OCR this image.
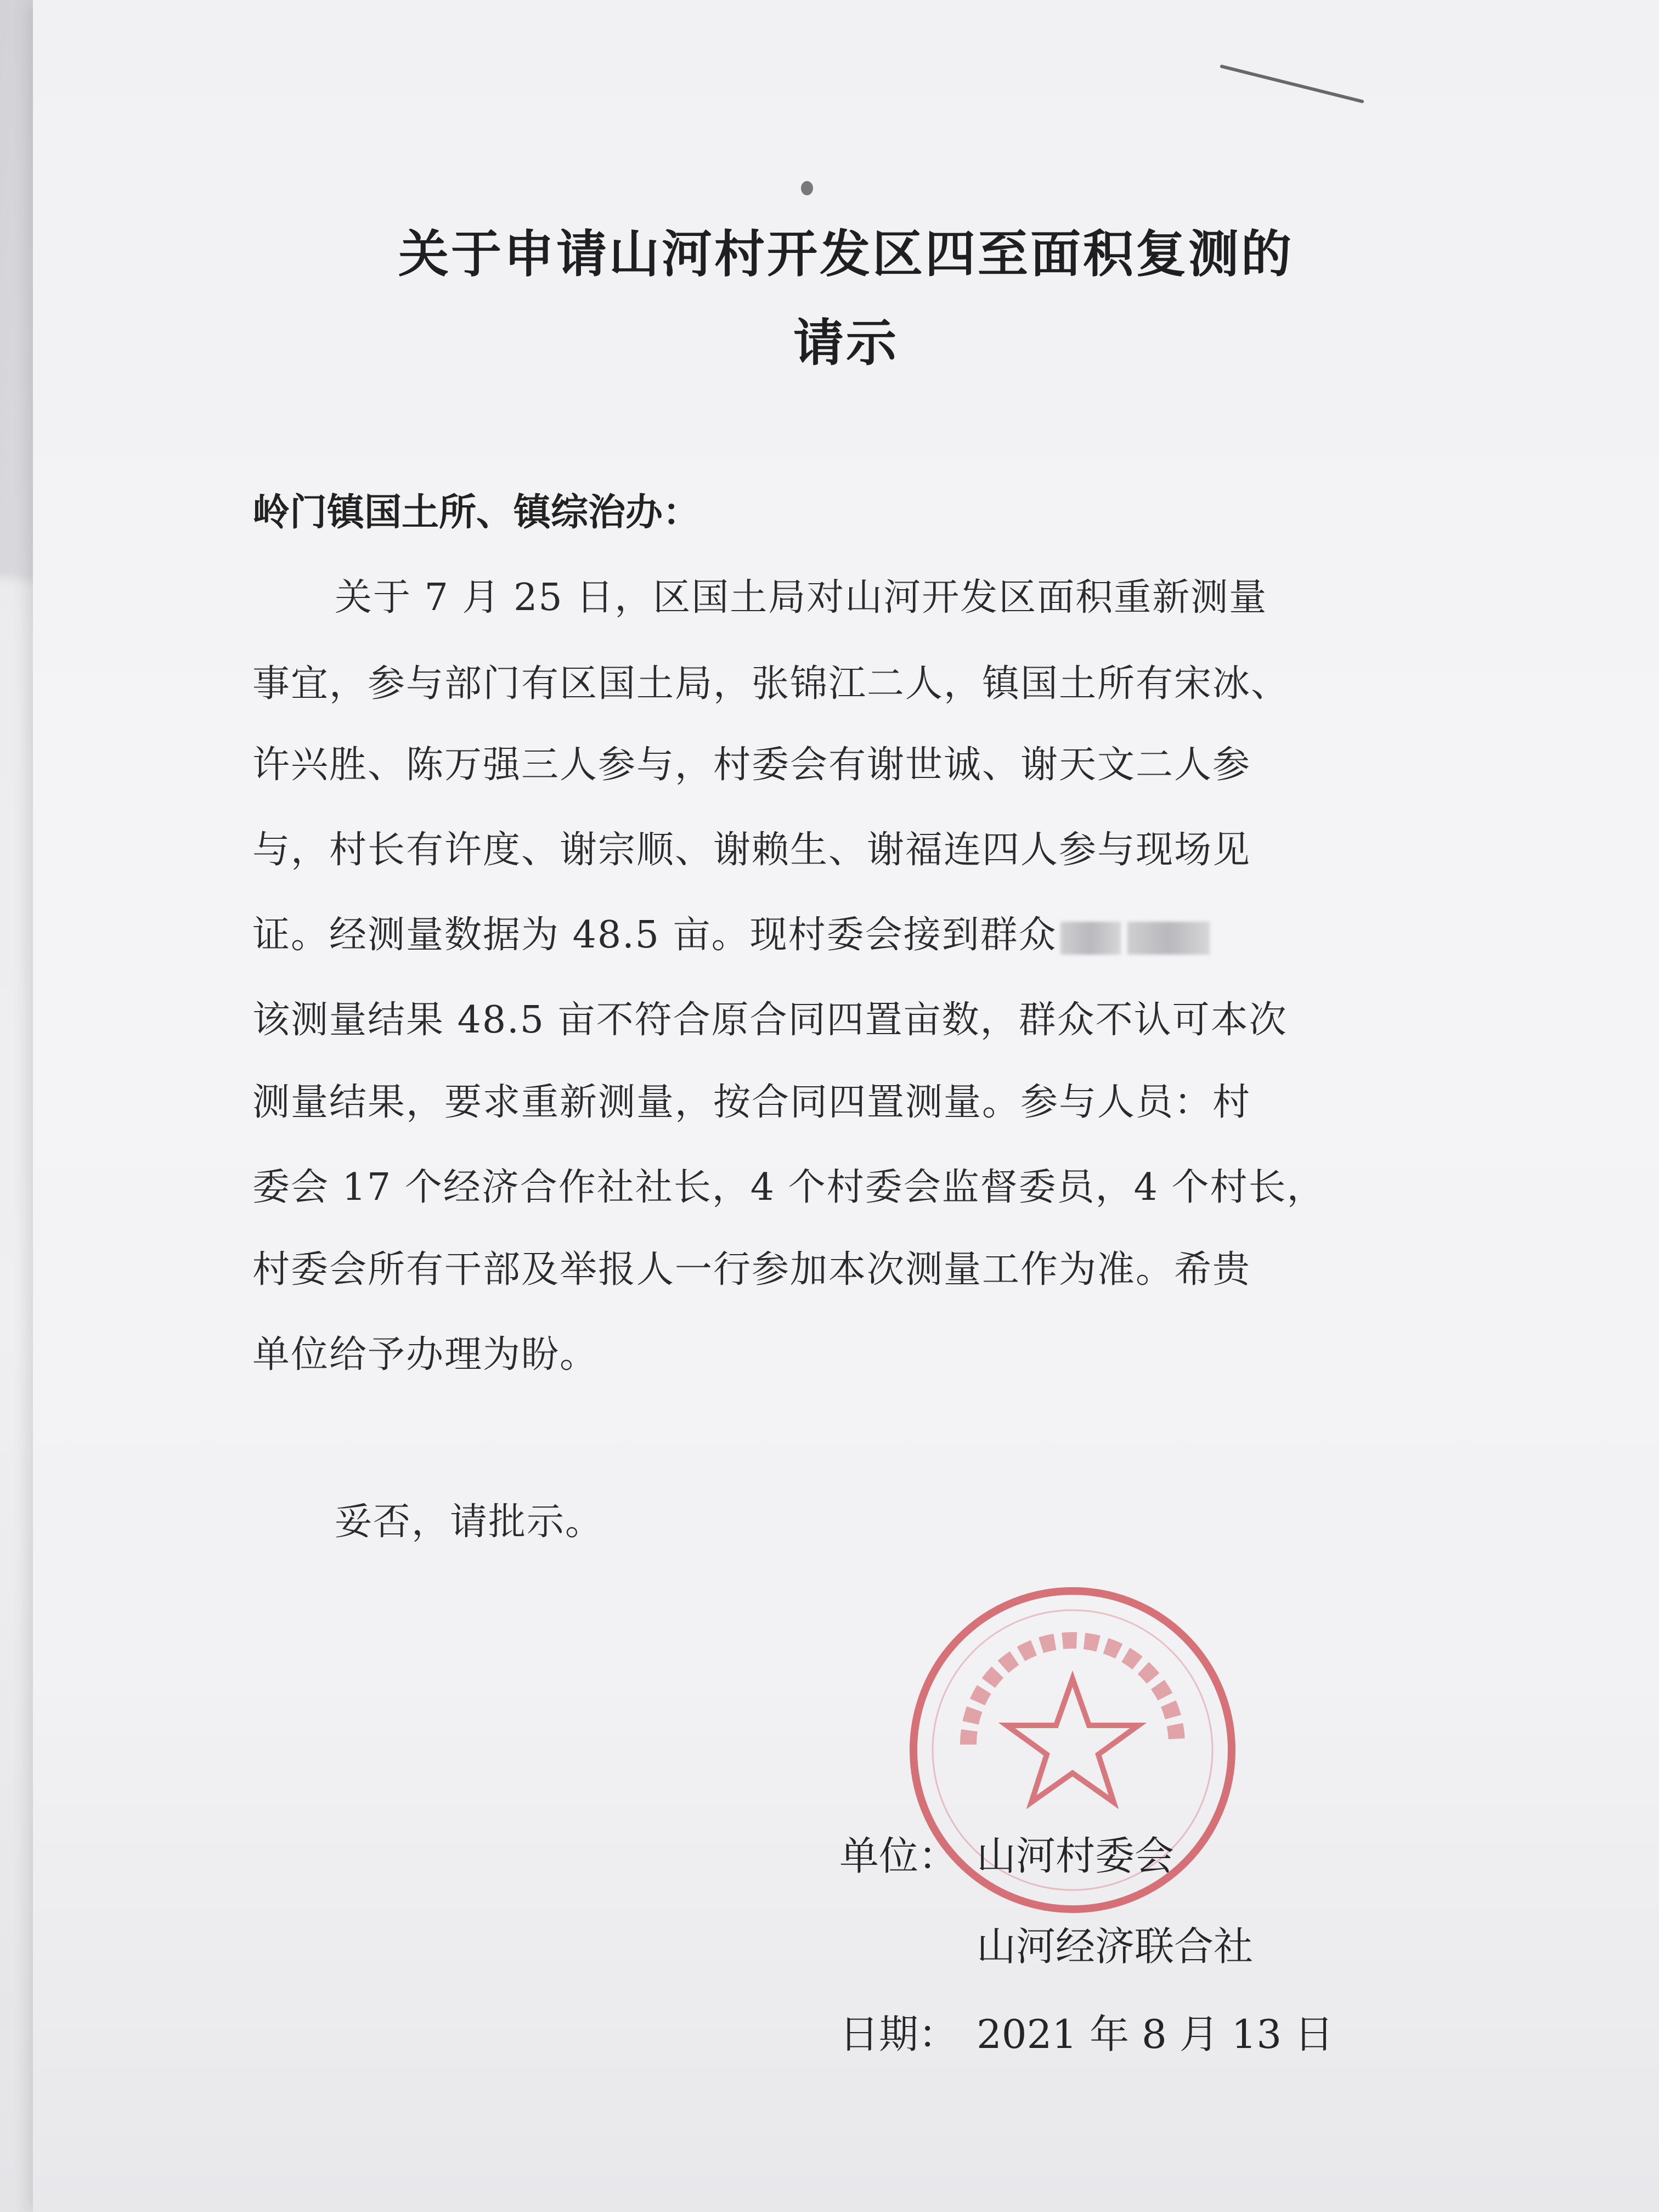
关于申请山河村开发区四至面积复测的
请示
岭门镇国土所、镇综治办：
关于 7 月 25 日，区国土局对山河开发区面积重新测量
事宜，参与部门有区国土局，张锦江二人，镇国土所有宋冰、
许兴胜、陈万强三人参与，村委会有谢世诚、谢天文二人参
与，村长有许度、谢宗顺、谢赖生、谢福连四人参与现场见
证。经测量数据为 48.5 亩。现村委会接到群众
该测量结果 48.5 亩不符合原合同四置亩数，群众不认可本次
测量结果，要求重新测量，按合同四置测量。参与人员：村
委会 17 个经济合作社社长，4 个村委会监督委员，4 个村长，
村委会所有干部及举报人一行参加本次测量工作为准。希贵
单位给予办理为盼。
妥否，请批示。
单位： 山河村委会
山河经济联合社
日期： 2021 年 8 月 13 日
